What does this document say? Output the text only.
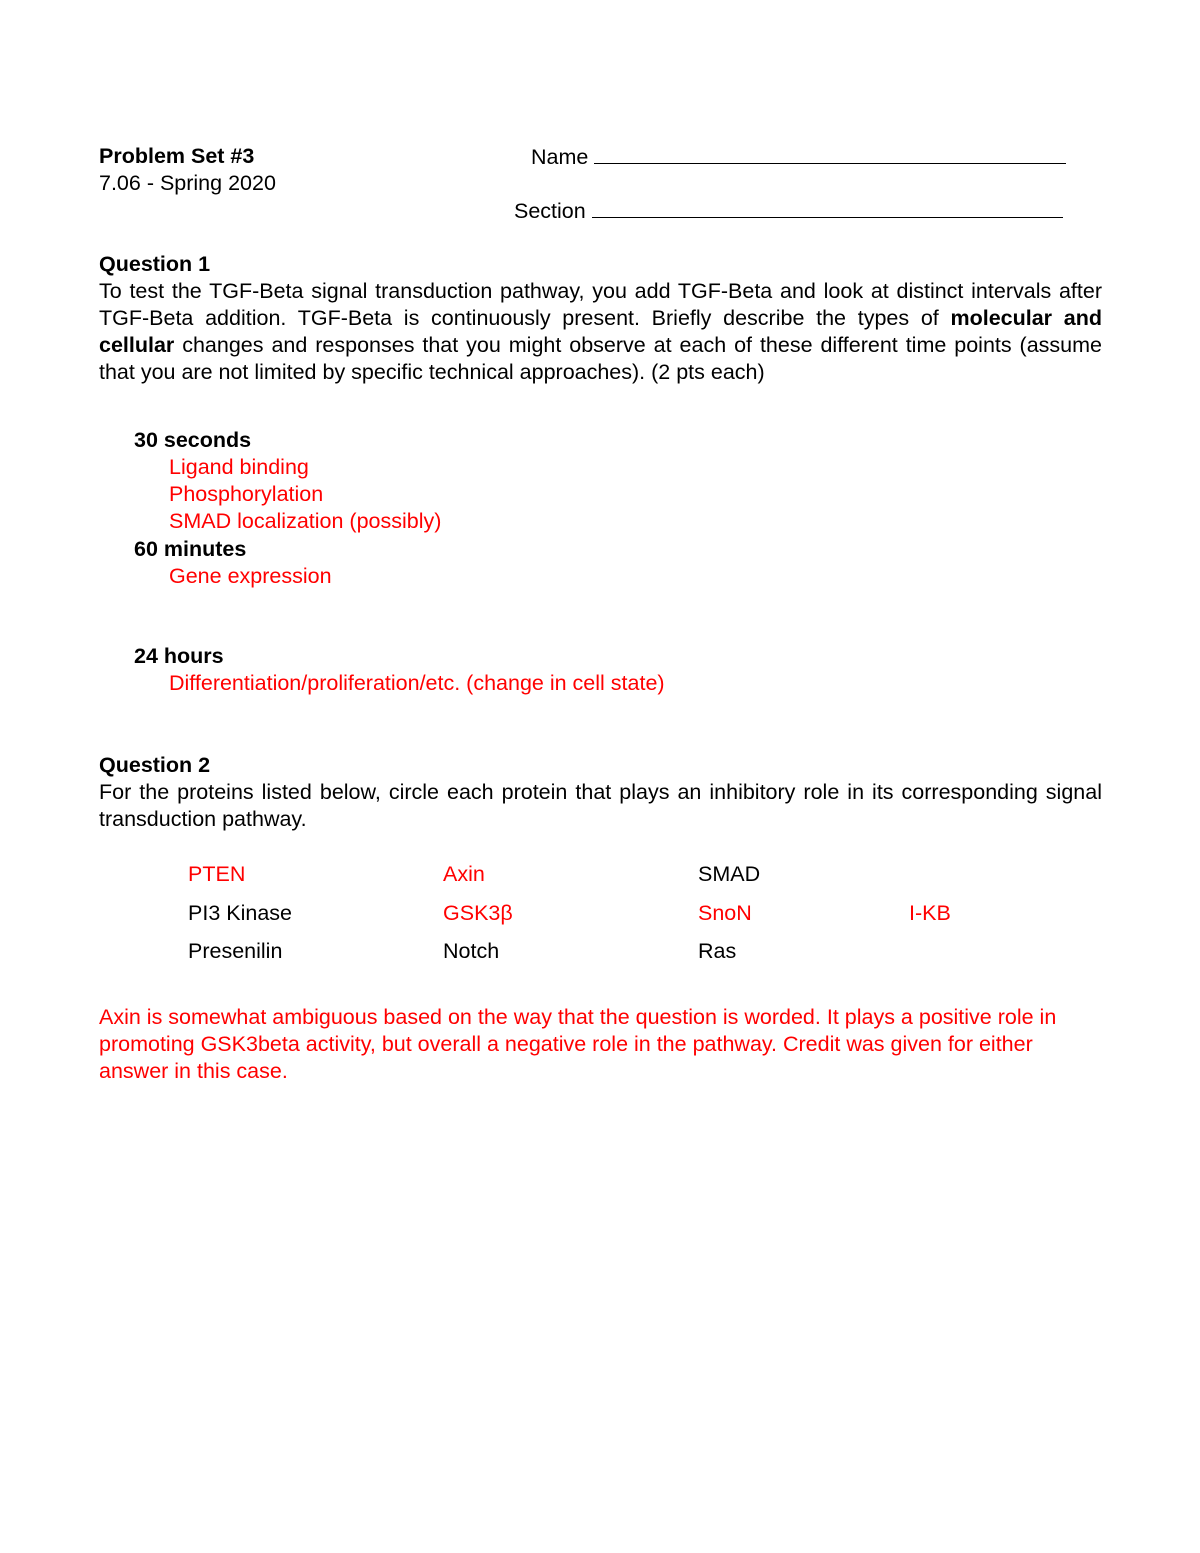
Problem Set #3
7.06 - Spring 2020
Name
Section
Question 1
To test the TGF-Beta signal transduction pathway, you add TGF-Beta and look at distinct intervals after TGF-Beta addition. TGF-Beta is continuously present. Briefly describe the types of molecular and cellular changes and responses that you might observe at each of these different time points (assume that you are not limited by specific technical approaches). (2 pts each)
30 seconds
Ligand binding
Phosphorylation
SMAD localization (possibly)
60 minutes
Gene expression
24 hours
Differentiation/proliferation/etc. (change in cell state)
Question 2
For the proteins listed below, circle each protein that plays an inhibitory role in its corresponding signal transduction pathway.
PTEN	Axin	SMAD
PI3 Kinase	GSK3β	SnoN	I-KB
Presenilin	Notch	Ras
Axin is somewhat ambiguous based on the way that the question is worded. It plays a positive role in promoting GSK3beta activity, but overall a negative role in the pathway. Credit was given for either answer in this case.
